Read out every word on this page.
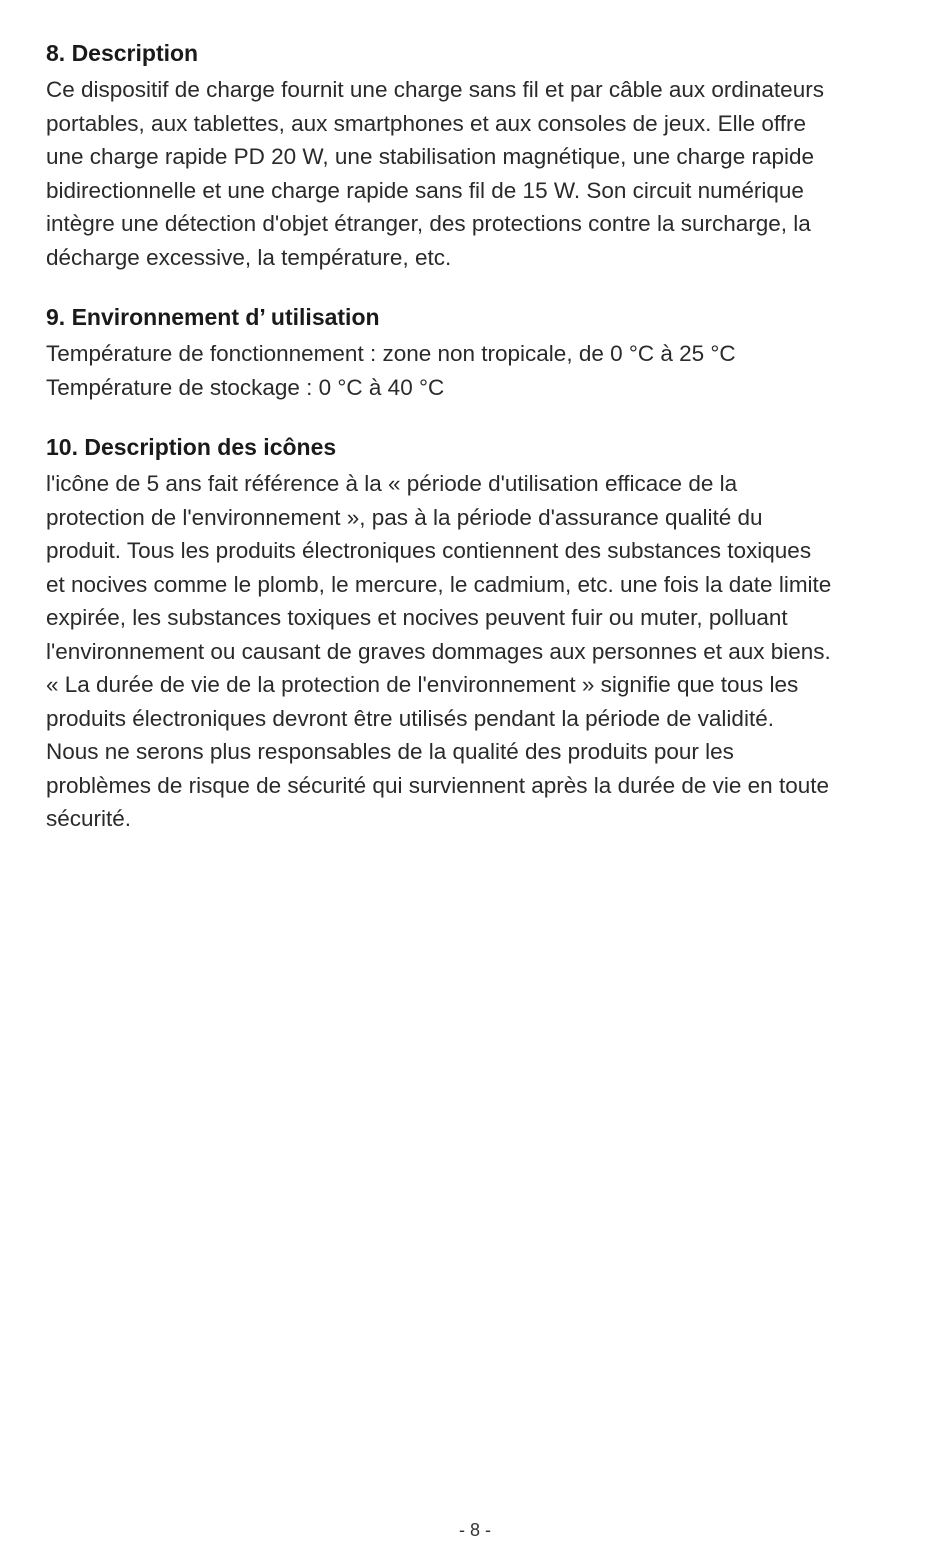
8. Description

Ce dispositif de charge fournit une charge sans fil et par câble aux ordinateurs
portables, aux tablettes, aux smartphones et aux consoles de jeux. Elle offre
une charge rapide PD 20 W, une stabilisation magnétique, une charge rapide
bidirectionnelle et une charge rapide sans fil de 15 W. Son circuit numérique
intègre une détection d'objet étranger, des protections contre la surcharge, la
décharge excessive, la température, etc.

9. Environnement d’ utilisation

Température de fonctionnement : zone non tropicale, de 0 °C à 25 °C
Température de stockage : 0 °C à 40 °C

10. Description des icônes

l'icône de 5 ans fait référence à la « période d'utilisation efficace de la
protection de l'environnement », pas à la période d'assurance qualité du
produit. Tous les produits électroniques contiennent des substances toxiques
et nocives comme le plomb, le mercure, le cadmium, etc. une fois la date limite
expirée, les substances toxiques et nocives peuvent fuir ou muter, polluant
l'environnement ou causant de graves dommages aux personnes et aux biens.
« La durée de vie de la protection de l'environnement » signifie que tous les
produits électroniques devront être utilisés pendant la période de validité.
Nous ne serons plus responsables de la qualité des produits pour les
problèmes de risque de sécurité qui surviennent après la durée de vie en toute
sécurité.

- 8 -
